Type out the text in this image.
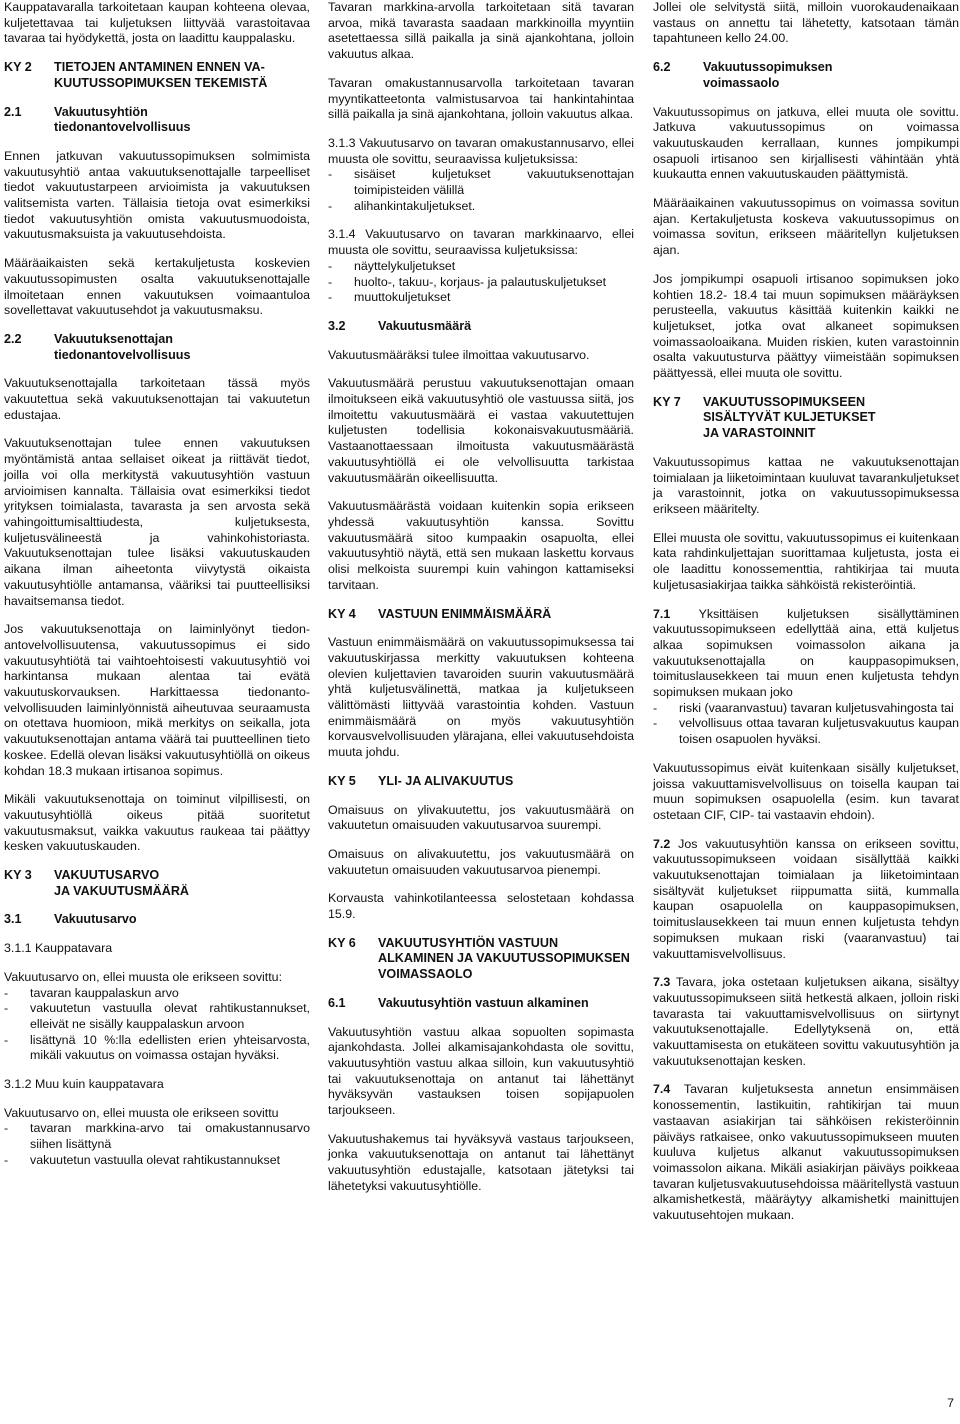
Kauppatavaralla tarkoitetaan kaupan kohteena olevaa, kuljetettavaa tai kuljetuksen liittyvää varastoitavaa tavaraa tai hyödykettä, josta on laadittu kauppalasku.

KY 2	TIETOJEN ANTAMINEN ENNEN VAKUUTUSSOPIMUKSEN TEKEMISTÄ
2.1	Vakuutusyhtiön
tiedonantovelvollisuus

Ennen jatkuvan vakuutussopimuksen solmimista vakuutusyhtiö antaa vakuutuksenottajalle tarpeelliset tiedot vakuutustarpeen arvioimista ja vakuutuksen valitsemista varten. Tällaisia tietoja ovat esimerkiksi tiedot vakuutusyhtiön omista vakuutusmuodoista, vakuutusmaksuista ja vakuutusehdoista.

Määräaikaisten sekä kertakuljetusta koskevien vakuutussopimusten osalta vakuutuksenottajalle ilmoitetaan ennen vakuutuksen voimaantuloa sovellettavat vakuutusehdot ja vakuutusmaksu.

2.2	Vakuutuksenottajan
tiedonantovelvollisuus

Vakuutuksenottajalla tarkoitetaan tässä myös vakuutettua sekä vakuutuksenottajan tai vakuutetun edustajaa.

Vakuutuksenottajan tulee ennen vakuutuksen myöntämistä antaa sellaiset oikeat ja riittävät tiedot, joilla voi olla merkitystä vakuutusyhtiön vastuun arvioimisen kannalta. Tällaisia ovat esimerkiksi tiedot yrityksen toimialasta, tavarasta ja sen arvosta sekä vahingoittumisalttiudesta, kuljetuksesta, kuljetusvälineestä ja vahinkohistoriasta. Vakuutuksenottajan tulee lisäksi vakuutuskauden aikana ilman aiheetonta viivytystä oikaista vakuutusyhtiölle antamansa, vääriksi tai puutteellisiksi havaitsemansa tiedot.

Jos vakuutuksenottaja on laiminlyönyt tiedonantovelvollisuutensa, vakuutussopimus ei sido vakuutusyhtiötä tai vaihtoehtoisesti vakuutusyhtiö voi harkintansa mukaan alentaa tai evätä vakuutuskorvauksen. Harkittaessa tiedonantovelvollisuuden laiminlyönnistä aiheutuvaa seuraamusta on otettava huomioon, mikä merkitys on seikalla, jota vakuutuksenottajan antama väärä tai puutteellinen tieto koskee. Edellä olevan lisäksi vakuutusyhtiöllä on oikeus kohdan 18.3 mukaan irtisanoa sopimus.

Mikäli vakuutuksenottaja on toiminut vilpillisesti, on vakuutusyhtiöllä oikeus pitää suoritetut vakuutusmaksut, vaikka vakuutus raukeaa tai päättyy kesken vakuutuskauden.

KY 3	VAKUUTUSARVO
JA VAKUUTUSMÄÄRÄ
3.1	Vakuutusarvo
3.1.1 Kauppatavara
Vakuutusarvo on, ellei muusta ole erikseen sovittu:
- tavaran kauppalaskun arvo
- vakuutetun vastuulla olevat rahtikustannukset, elleivät ne sisälly kauppalaskun arvoon
- lisättynä 10 %:lla edellisten erien yhteisarvosta, mikäli vakuutus on voimassa ostajan hyväksi.
3.1.2 Muu kuin kauppatavara
Vakuutusarvo on, ellei muusta ole erikseen sovittu
- tavaran markkina-arvo tai omakustannusarvo siihen lisättynä
- vakuutetun vastuulla olevat rahtikustannukset

Tavaran markkina-arvolla tarkoitetaan sitä tavaran arvoa, mikä tavarasta saadaan markkinoilla myyntiin asetettaessa sillä paikalla ja sinä ajankohtana, jolloin vakuutus alkaa.

Tavaran omakustannusarvolla tarkoitetaan tavaran myyntikatteetonta valmistusarvoa tai hankintahintaa sillä paikalla ja sinä ajankohtana, jolloin vakuutus alkaa.

3.1.3 Vakuutusarvo on tavaran omakustannusarvo, ellei muusta ole sovittu, seuraavissa kuljetuksissa:

- sisäiset kuljetukset vakuutuksenottajan toimipisteiden välillä
- alihankintakuljetukset.

3.1.4 Vakuutusarvo on tavaran markkinaarvo, ellei muusta ole sovittu, seuraavissa kuljetuksissa:

- näyttelykuljetukset
- huolto-, takuu-, korjaus- ja palautuskuljetukset
- muuttokuljetukset
3.2	Vakuutusmäärä

Vakuutusmääräksi tulee ilmoittaa vakuutusarvo.

Vakuutusmäärä perustuu vakuutuksenottajan omaan ilmoitukseen eikä vakuutusyhtiö ole vastuussa siitä, jos ilmoitettu vakuutusmäärä ei vastaa vakuutettujen kuljetusten todellisia kokonaisvakuutusmääriä. Vastaanottaessaan ilmoitusta vakuutusmäärästä vakuutusyhtiöllä ei ole velvollisuutta tarkistaa vakuutusmäärän oikeellisuutta.

Vakuutusmäärästä voidaan kuitenkin sopia erikseen yhdessä vakuutusyhtiön kanssa. Sovittu vakuutusmäärä sitoo kumpaakin osapuolta, ellei vakuutusyhtiö näytä, että sen mukaan laskettu korvaus olisi melkoista suurempi kuin vahingon kattamiseksi tarvitaan.

KY 4	VASTUUN ENIMMÄISMÄÄRÄ

Vastuun enimmäismäärä on vakuutussopimuksessa tai vakuutuskirjassa merkitty vakuutuksen kohteena olevien kuljettavien tavaroiden suurin vakuutusmäärä yhtä kuljetusvälinettä, matkaa ja kuljetukseen välittömästi liittyvää varastointia kohden. Vastuun enimmäismäärä on myös vakuutusyhtiön korvausvelvollisuuden ylärajana, ellei vakuutusehdoista muuta johdu.

KY 5	YLI- JA ALIVAKUUTUS

Omaisuus on ylivakuutettu, jos vakuutusmäärä on vakuutetun omaisuuden vakuutusarvoa suurempi.

Omaisuus on alivakuutettu, jos vakuutusmäärä on vakuutetun omaisuuden vakuutusarvoa pienempi.

Korvausta vahinkotilanteessa selostetaan kohdassa 15.9.

KY 6	VAKUUTUSYHTIÖN VASTUUN ALKAMINEN JA VAKUUTUSSOPIMUKSEN VOIMASSAOLO
6.1	Vakuutusyhtiön vastuun alkaminen

Vakuutusyhtiön vastuu alkaa sopuolten sopimasta ajankohdasta. Jollei alkamisajankohdasta ole sovittu, vakuutusyhtiön vastuu alkaa silloin, kun vakuutusyhtiö tai vakuutuksenottaja on antanut tai lähettänyt hyväksyvän vastauksen toisen sopijapuolen tarjoukseen.

Vakuutushakemus tai hyväksyvä vastaus tarjoukseen, jonka vakuutuksenottaja on antanut tai lähettänyt vakuutusyhtiön edustajalle, katsotaan jätetyksi tai lähetetyksi vakuutusyhtiölle.

Jollei ole selvitystä siitä, milloin vuorokaudenaikaan vastaus on annettu tai lähetetty, katsotaan tämän tapahtuneen kello 24.00.

6.2	Vakuutussopimuksen
voimassaolo

Vakuutussopimus on jatkuva, ellei muuta ole sovittu. Jatkuva vakuutussopimus on voimassa vakuutuskauden kerrallaan, kunnes jompikumpi osapuoli irtisanoo sen kirjallisesti vähintään yhtä kuukautta ennen vakuutuskauden päättymistä.

Määräaikainen vakuutussopimus on voimassa sovitun ajan. Kertakuljetusta koskeva vakuutussopimus on voimassa sovitun, erikseen määritellyn kuljetuksen ajan.

Jos jompikumpi osapuoli irtisanoo sopimuksen joko kohtien 18.2- 18.4 tai muun sopimuksen määräyksen perusteella, vakuutus käsittää kuitenkin kaikki ne kuljetukset, jotka ovat alkaneet sopimuksen voimassaoloaikana. Muiden riskien, kuten varastoinnin osalta vakuutusturva päättyy viimeistään sopimuksen päättyessä, ellei muuta ole sovittu.

KY 7	VAKUUTUSSOPIMUKSEEN
SISÄLTYVÄT KULJETUKSET
JA VARASTOINNIT

Vakuutussopimus kattaa ne vakuutuksenottajan toimialaan ja liiketoimintaan kuuluvat tavarankuljetukset ja varastoinnit, jotka on vakuutussopimuksessa erikseen määritelty.

Ellei muusta ole sovittu, vakuutussopimus ei kuitenkaan kata rahdinkuljettajan suorittamaa kuljetusta, josta ei ole laadittu konossementtia, rahtikirjaa tai muuta kuljetusasiakirjaa taikka sähköistä rekisteröintiä.

7.1 Yksittäisen kuljetuksen sisällyttäminen vakuutussopimukseen edellyttää aina, että kuljetus alkaa sopimuksen voimassolon aikana ja vakuutuksenottajalla on kauppasopimuksen, toimituslausekkeen tai muun enen kuljetusta tehdyn sopimuksen mukaan joko

- riski (vaaranvastuu) tavaran kuljetusvahingosta tai
- velvollisuus ottaa tavaran kuljetusvakuutus kaupan toisen osapuolen hyväksi.

Vakuutussopimus eivät kuitenkaan sisälly kuljetukset, joissa vakuuttamisvelvollisuus on toisella kaupan tai muun sopimuksen osapuolella (esim. kun tavarat ostetaan CIF, CIP- tai vastaavin ehdoin).

7.2 Jos vakuutusyhtiön kanssa on erikseen sovittu, vakuutussopimukseen voidaan sisällyttää kaikki vakuutuksenottajan toimialaan ja liiketoimintaan sisältyvät kuljetukset riippumatta siitä, kummalla kaupan osapuolella on kauppasopimuksen, toimituslausekkeen tai muun ennen kuljetusta tehdyn sopimuksen mukaan riski (vaaranvastuu) tai vakuuttamisvelvollisuus.

7.3 Tavara, joka ostetaan kuljetuksen aikana, sisältyy vakuutussopimukseen siitä hetkestä alkaen, jolloin riski tavarasta tai vakuuttamisvelvollisuus on siirtynyt vakuutuksenottajalle. Edellytyksenä on, että vakuuttamisesta on etukäteen sovittu vakuutusyhtiön ja vakuutuksenottajan kesken.

7.4 Tavaran kuljetuksesta annetun ensimmäisen konossementin, lastikuitin, rahtikirjan tai muun vastaavan asiakirjan tai sähköisen rekisteröinnin päiväys ratkaisee, onko vakuutussopimukseen muuten kuuluva kuljetus alkanut vakuutussopimuksen voimassolon aikana. Mikäli asiakirjan päiväys poikkeaa tavaran kuljetusvakuutusehdoissa määritellystä vastuun alkamishetkestä, määräytyy alkamishetki mainittujen vakuutusehtojen mukaan.

7
